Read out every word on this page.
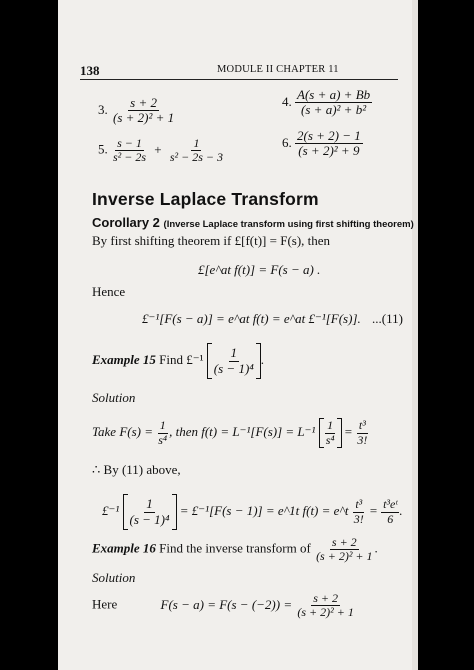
138	MODULE II CHAPTER 11
3. $\frac{s + 2}{\text{(s + 2)² + 1}}$	4. $\frac{A(s + a) + Bb}{\text{(s + a)² + b²}}$
5. $\frac{s - 1}{\text{s² − 2s}} + \frac{1}{\text{s² − 2s − 3}}$	6. $\frac{2(s + 2) - 1}{\text{(s + 2)² + 9}}$
Inverse Laplace Transform
Corollary 2 (Inverse Laplace transform using first shifting theorem)
By first shifting theorem if £[f(t)] = F(s), then
£[e^at f(t)] = F(s − a) .
Hence
£⁻¹[F(s − a)] = e^at f(t) = e^at £⁻¹[F(s)]. ...(11)
Example 15 Find £⁻¹ $\frac{1}{\text{(s − 1)⁴}}$ .
Solution
Take $F(s) = \frac{1}{\text{s⁴}}$ , then $f(t) = L^{-1}[F(s)] = L^{-1} \frac{1}{\text{s⁴}} = \frac{\text{t³}}{3!}$
∴ By (11) above,
£⁻¹ $\frac{1}{\text{(s − 1)⁴}}$ = £⁻¹[F(s − 1)] = e^1t f(t) = e^t $\frac{\text{t³}}{3!} = \frac{\text{t³eᵗ}}{6}$ .
Example 16 Find the inverse transform of $\frac{s + 2}{\text{(s + 2)² + 1}}$ .
Solution
Here	$F(s - a) = F(s - (-2)) = \frac{s + 2}{\text{(s + 2)² + 1}}$
